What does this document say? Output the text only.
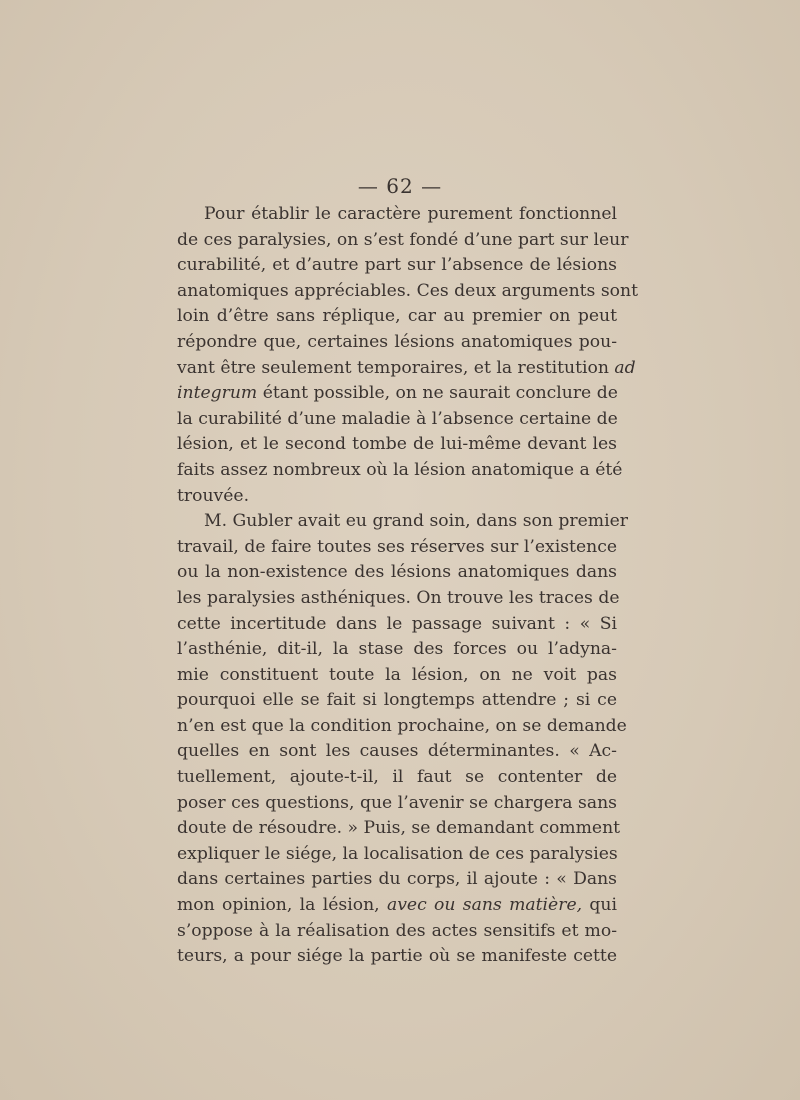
— 62 —
Pour établir le caractère purement fonctionnel
de ces paralysies, on s’est fondé d’une part sur leur
curabilité, et d’autre part sur l’absence de lésions
anatomiques appréciables. Ces deux arguments sont
loin d’être sans réplique, car au premier on peut
répondre que, certaines lésions anatomiques pou-
vant être seulement temporaires, et la restitution ad
integrum étant possible, on ne saurait conclure de
la curabilité d’une maladie à l’absence certaine de
lésion, et le second tombe de lui-même devant les
faits assez nombreux où la lésion anatomique a été
trouvée.
M. Gubler avait eu grand soin, dans son premier
travail, de faire toutes ses réserves sur l’existence
ou la non-existence des lésions anatomiques dans
les paralysies asthéniques. On trouve les traces de
cette incertitude dans le passage suivant : « Si
l’asthénie, dit-il, la stase des forces ou l’adyna-
mie constituent toute la lésion, on ne voit pas
pourquoi elle se fait si longtemps attendre ; si ce
n’en est que la condition prochaine, on se demande
quelles en sont les causes déterminantes. « Ac-
tuellement, ajoute-t-il, il faut se contenter de
poser ces questions, que l’avenir se chargera sans
doute de résoudre. » Puis, se demandant comment
expliquer le siége, la localisation de ces paralysies
dans certaines parties du corps, il ajoute : « Dans
mon opinion, la lésion, avec ou sans matière, qui
s’oppose à la réalisation des actes sensitifs et mo-
teurs, a pour siége la partie où se manifeste cette
